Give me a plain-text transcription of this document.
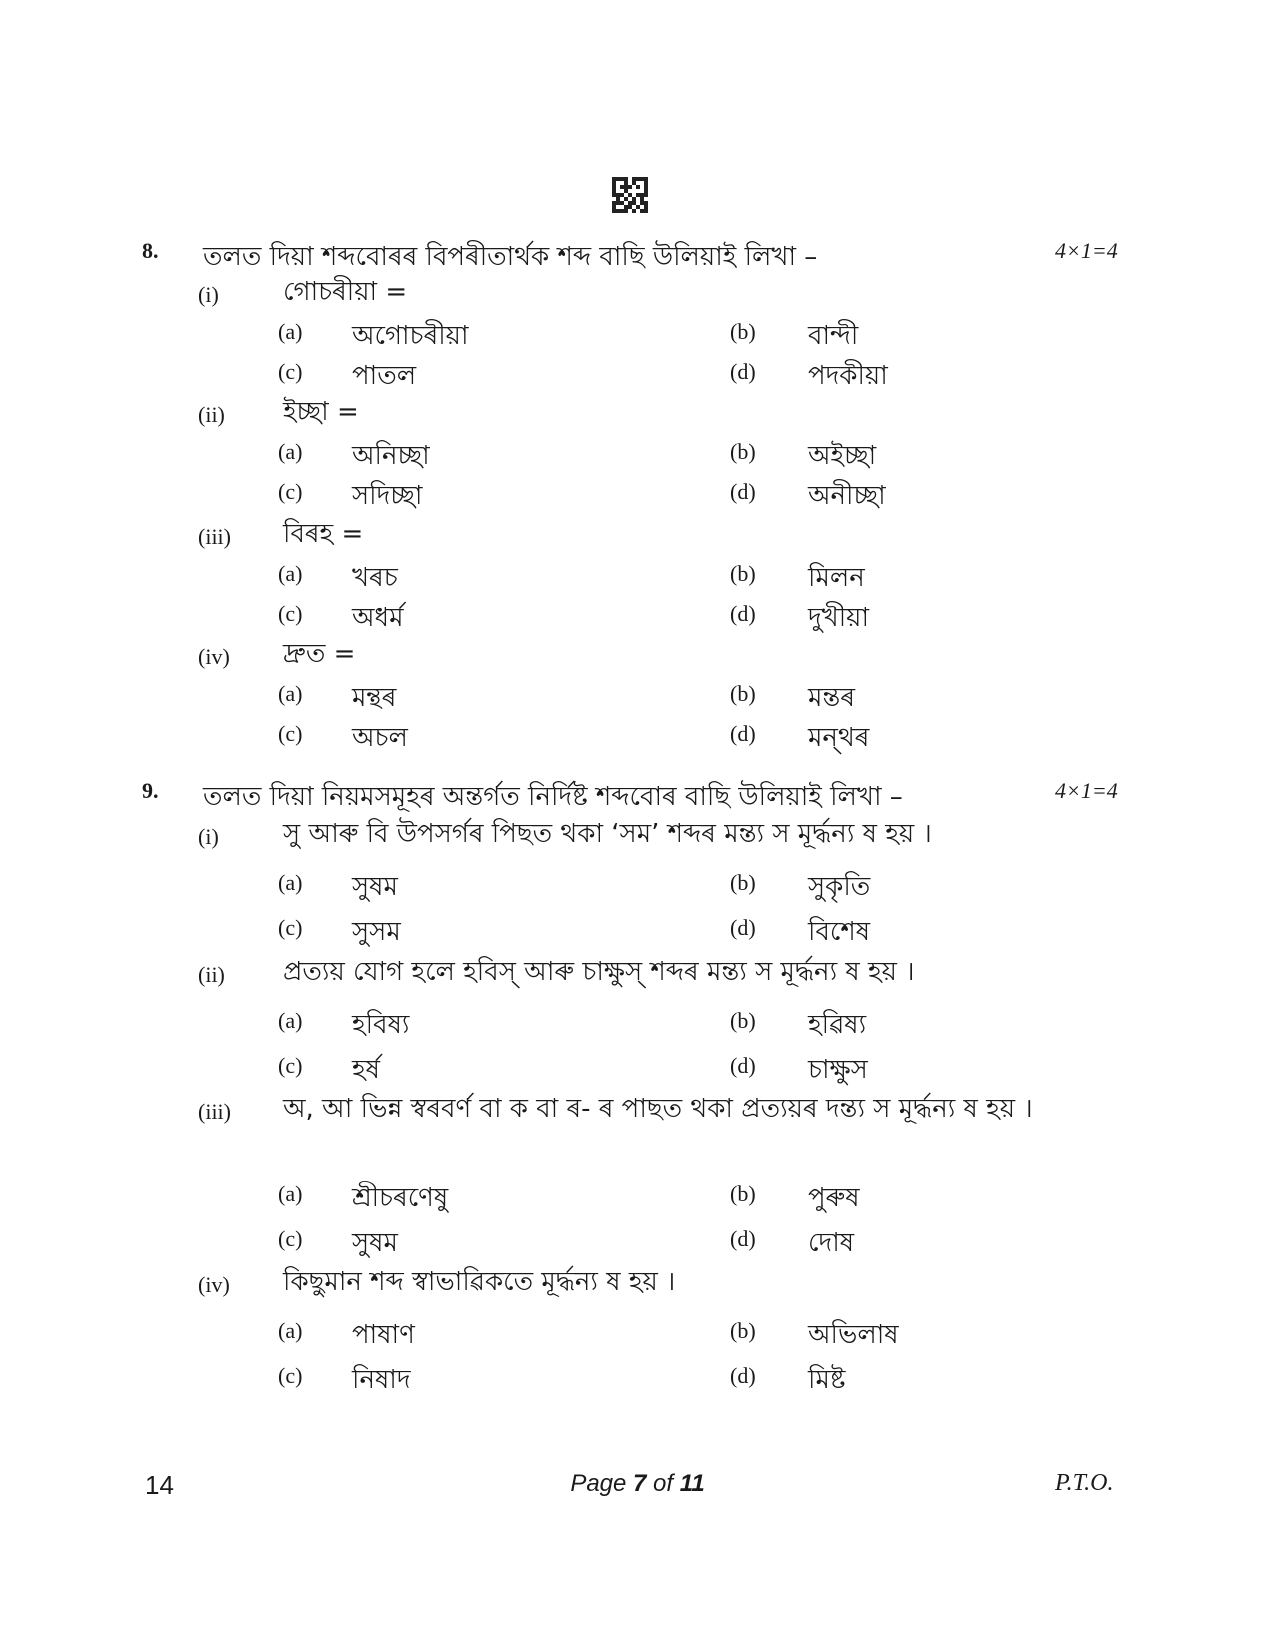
8. তলত দিয়া শব্দবোৰৰ বিপৰীতাৰ্থক শব্দ বাছি উলিয়াই লিখা –	4×1=4
(i) গোচৰীয়া =
(a) অগোচৰীয়া	(b) বান্দী
(c) পাতল	(d) পদকীয়া
(ii) ইচ্ছা =
(a) অনিচ্ছা	(b) অইচ্ছা
(c) সদিচ্ছা	(d) অনীচ্ছা
(iii) বিৰহ =
(a) খৰচ	(b) মিলন
(c) অধৰ্ম	(d) দুখীয়া
(iv) দ্ৰুত =
(a) মন্থৰ	(b) মন্তৰ
(c) অচল	(d) মন্‌থৰ
9. তলত দিয়া নিয়মসমূহৰ অন্তৰ্গত নিৰ্দিষ্ট শব্দবোৰ বাছি উলিয়াই লিখা –	4×1=4
(i) সু আৰু বি উপসৰ্গৰ পিছত থকা ‘সম’ শব্দৰ মন্ত্য স মূৰ্দ্ধন্য ষ হয় ।
(a) সুষম	(b) সুকৃতি
(c) সুসম	(d) বিশেষ
(ii) প্ৰত্যয় যোগ হলে হবিস্ আৰু চাক্ষুস্ শব্দৰ মন্ত্য স মূৰ্দ্ধন্য ষ হয় ।
(a) হবিষ্য	(b) হৱিষ্য
(c) হৰ্ষ	(d) চাক্ষুস
(iii) অ, আ ভিন্ন স্বৰবৰ্ণ বা ক বা ৰ- ৰ পাছত থকা প্ৰত্যয়ৰ দন্ত্য স মূৰ্দ্ধন্য ষ হয় ।
(a) শ্ৰীচৰণেষু	(b) পুৰুষ
(c) সুষম	(d) দোষ
(iv) কিছুমান শব্দ স্বাভাৱিকতে মূৰ্দ্ধন্য ষ হয় ।
(a) পাষাণ	(b) অভিলাষ
(c) নিষাদ	(d) মিষ্ট
14	Page 7 of 11	P.T.O.
